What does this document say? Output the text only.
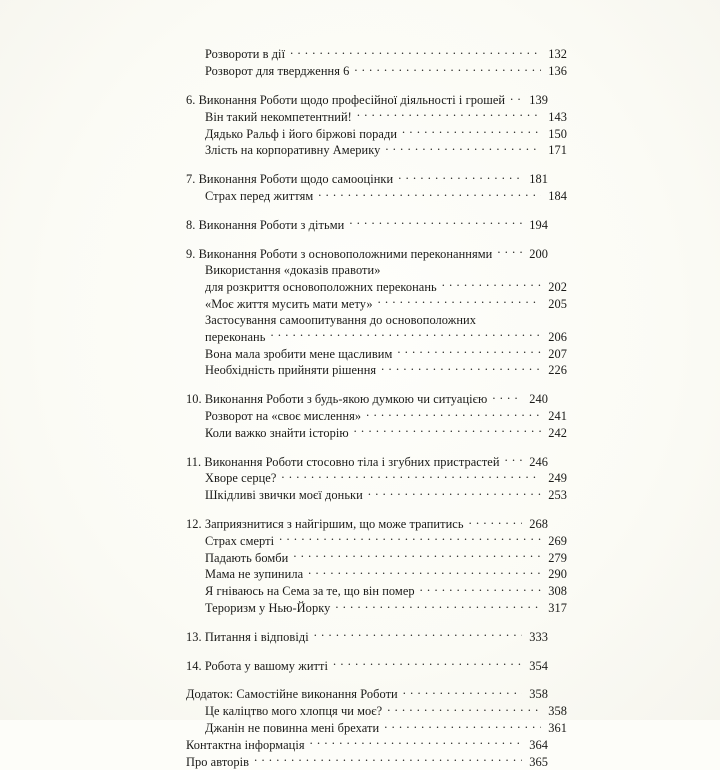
Розвороти в дії . . .	132
Розворот для твердження 6 . . .	136
6. Виконання Роботи щодо професійної діяльності і грошей . . .	139
Він такий некомпетентний! . . .	143
Дядько Ральф і його біржові поради . . .	150
Злість на корпоративну Америку . . .	171
7. Виконання Роботи щодо самооцінки . . .	181
Страх перед життям . . .	184
8. Виконання Роботи з дітьми . . .	194
9. Виконання Роботи з основоположними переконаннями . . .	200
Використання «доказів правоти»
для розкриття основоположних переконань . . .	202
«Моє життя мусить мати мету» . . .	205
Застосування самоопитування до основоположних
переконань . . .	206
Вона мала зробити мене щасливим . . .	207
Необхідність прийняти рішення . . .	226
10. Виконання Роботи з будь-якою думкою чи ситуацією . . .	240
Розворот на «своє мислення» . . .	241
Коли важко знайти історію . . .	242
11. Виконання Роботи стосовно тіла і згубних пристрастей . . .	246
Хворе серце? . . .	249
Шкідливі звички моєї доньки . . .	253
12. Заприязнитися з найгіршим, що може трапитись . . .	268
Страх смерті . . .	269
Падають бомби . . .	279
Мама не зупинила . . .	290
Я гніваюсь на Сема за те, що він помер . . .	308
Тероризм у Нью-Йорку . . .	317
13. Питання і відповіді . . .	333
14. Робота у вашому житті . . .	354
Додаток: Самостійне виконання Роботи . . .	358
Це каліцтво мого хлопця чи моє? . . .	358
Джанін не повинна мені брехати . . .	361
Контактна інформація . . .	364
Про авторів . . .	365
